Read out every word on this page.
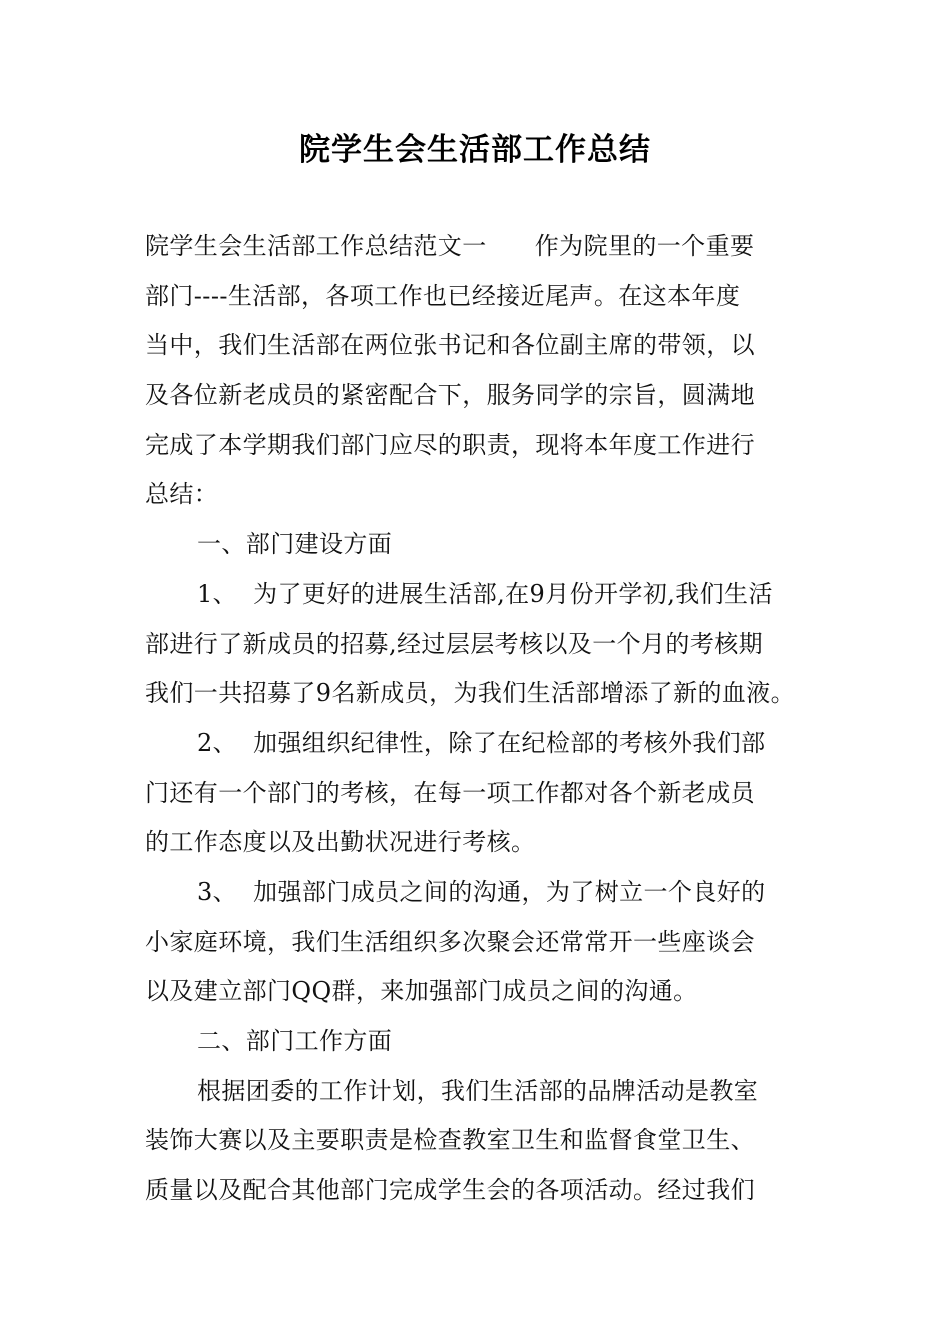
院学生会生活部工作总结
院学生会生活部工作总结范文一      作为院里的一个重要
部门----生活部，各项工作也已经接近尾声。在这本年度
当中，我们生活部在两位张书记和各位副主席的带领，以
及各位新老成员的紧密配合下，服务同学的宗旨，圆满地
完成了本学期我们部门应尽的职责，现将本年度工作进行
总结：
一、部门建设方面
1、  为了更好的进展生活部,在9月份开学初,我们生活
部进行了新成员的招募,经过层层考核以及一个月的考核期
我们一共招募了9名新成员，为我们生活部增添了新的血液。
2、  加强组织纪律性，除了在纪检部的考核外我们部
门还有一个部门的考核，在每一项工作都对各个新老成员
的工作态度以及出勤状况进行考核。
3、  加强部门成员之间的沟通，为了树立一个良好的
小家庭环境，我们生活组织多次聚会还常常开一些座谈会
以及建立部门QQ群，来加强部门成员之间的沟通。
二、部门工作方面
根据团委的工作计划，我们生活部的品牌活动是教室
装饰大赛以及主要职责是检查教室卫生和监督食堂卫生、
质量以及配合其他部门完成学生会的各项活动。经过我们
